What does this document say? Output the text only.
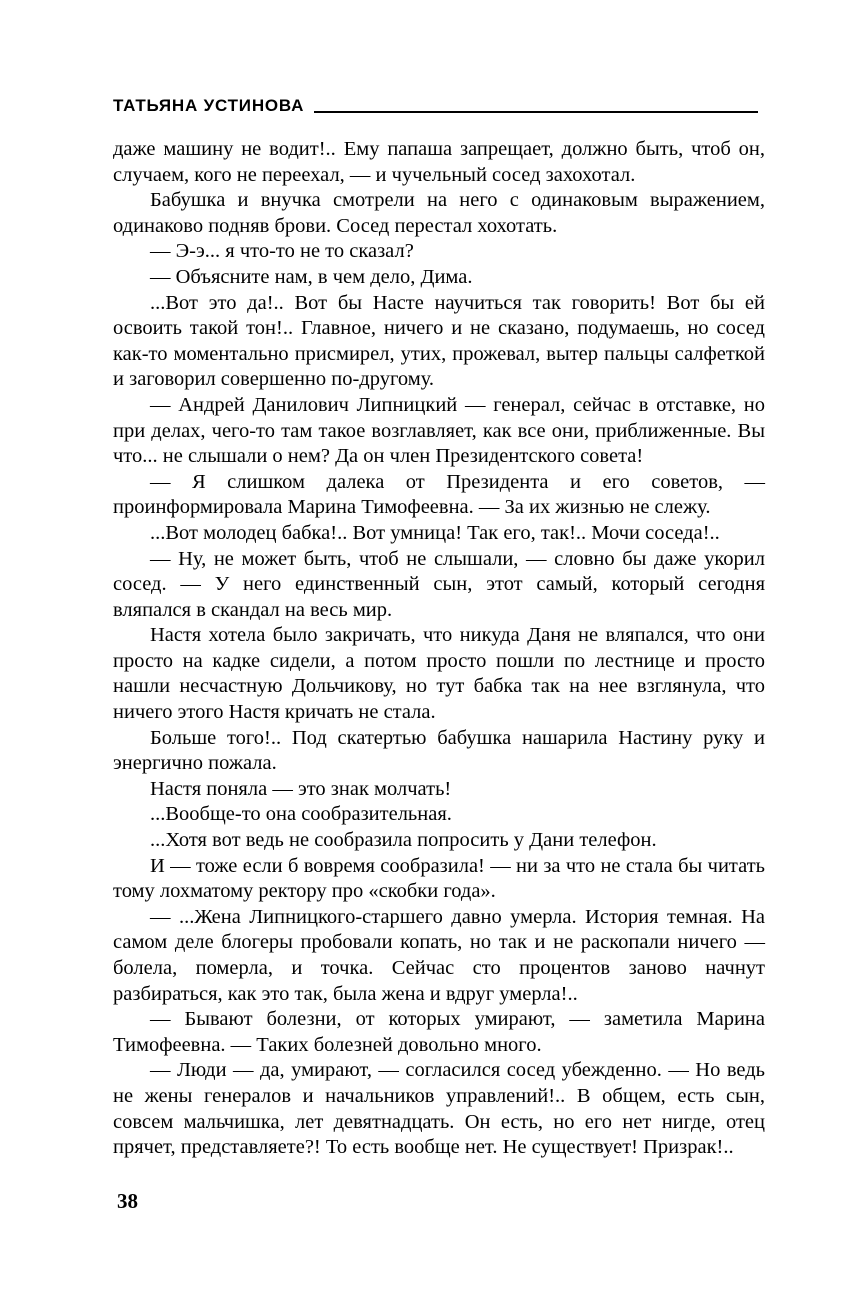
ТАТЬЯНА УСТИНОВА

даже машину не водит!.. Ему папаша запрещает, должно быть, чтоб он, случаем, кого не переехал, — и чучельный сосед захохотал.

Бабушка и внучка смотрели на него с одинаковым выражением, одинаково подняв брови. Сосед перестал хохотать.

— Э-э... я что-то не то сказал?

— Объясните нам, в чем дело, Дима.

...Вот это да!.. Вот бы Насте научиться так говорить! Вот бы ей освоить такой тон!.. Главное, ничего и не сказано, подумаешь, но сосед как-то моментально присмирел, утих, прожевал, вытер пальцы салфеткой и заговорил совершенно по-другому.

— Андрей Данилович Липницкий — генерал, сейчас в отставке, но при делах, чего-то там такое возглавляет, как все они, приближенные. Вы что... не слышали о нем? Да он член Президентского совета!

— Я слишком далека от Президента и его советов, — проинформировала Марина Тимофеевна. — За их жизнью не слежу.

...Вот молодец бабка!.. Вот умница! Так его, так!.. Мочи соседа!..

— Ну, не может быть, чтоб не слышали, — словно бы даже укорил сосед. — У него единственный сын, этот самый, который сегодня вляпался в скандал на весь мир.

Настя хотела было закричать, что никуда Даня не вляпался, что они просто на кадке сидели, а потом просто пошли по лестнице и просто нашли несчастную Дольчикову, но тут бабка так на нее взглянула, что ничего этого Настя кричать не стала.

Больше того!.. Под скатертью бабушка нашарила Настину руку и энергично пожала.

Настя поняла — это знак молчать!

...Вообще-то она сообразительная.

...Хотя вот ведь не сообразила попросить у Дани телефон.

И — тоже если б вовремя сообразила! — ни за что не стала бы читать тому лохматому ректору про «скобки года».

— ...Жена Липницкого-старшего давно умерла. История темная. На самом деле блогеры пробовали копать, но так и не раскопали ничего — болела, померла, и точка. Сейчас сто процентов заново начнут разбираться, как это так, была жена и вдруг умерла!..

— Бывают болезни, от которых умирают, — заметила Марина Тимофеевна. — Таких болезней довольно много.

— Люди — да, умирают, — согласился сосед убежденно. — Но ведь не жены генералов и начальников управлений!.. В общем, есть сын, совсем мальчишка, лет девятнадцать. Он есть, но его нет нигде, отец прячет, представляете?! То есть вообще нет. Не существует! Призрак!..

38
